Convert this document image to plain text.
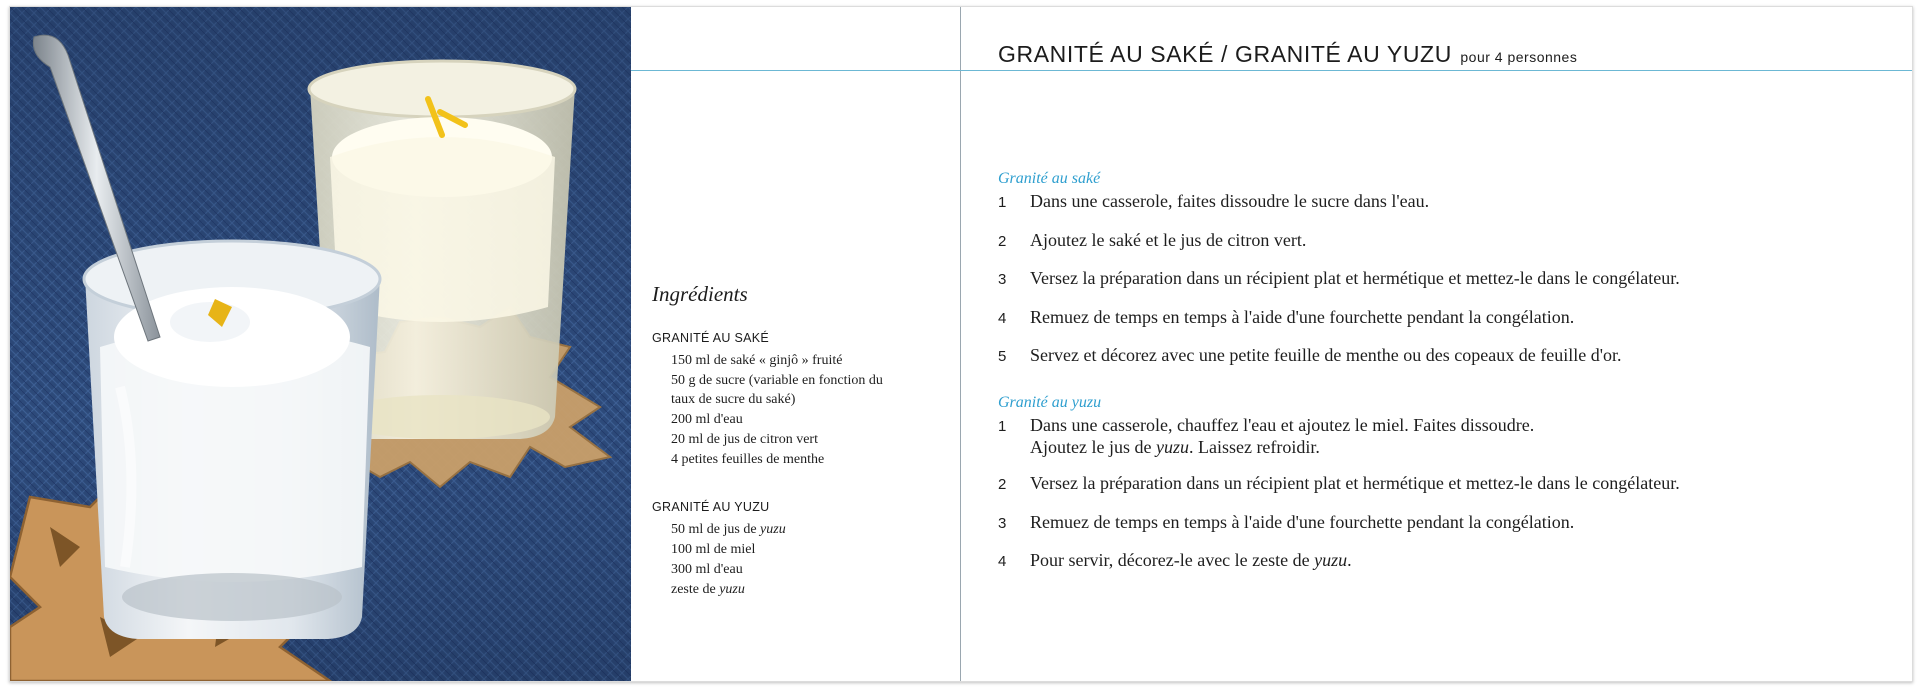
GRANITÉ AU SAKÉ / GRANITÉ AU YUZU pour 4 personnes
Ingrédients
GRANITÉ AU SAKÉ
150 ml de saké « ginjô » fruité
50 g de sucre (variable en fonction du taux de sucre du saké)
200 ml d'eau
20 ml de jus de citron vert
4 petites feuilles de menthe
GRANITÉ AU YUZU
50 ml de jus de yuzu
100 ml de miel
300 ml d'eau
zeste de yuzu
Granité au saké
1	Dans une casserole, faites dissoudre le sucre dans l'eau.
2	Ajoutez le saké et le jus de citron vert.
3	Versez la préparation dans un récipient plat et hermétique et mettez-le dans le congélateur.
4	Remuez de temps en temps à l'aide d'une fourchette pendant la congélation.
5	Servez et décorez avec une petite feuille de menthe ou des copeaux de feuille d'or.
Granité au yuzu
1	Dans une casserole, chauffez l'eau et ajoutez le miel. Faites dissoudre.
Ajoutez le jus de yuzu. Laissez refroidir.
2	Versez la préparation dans un récipient plat et hermétique et mettez-le dans le congélateur.
3	Remuez de temps en temps à l'aide d'une fourchette pendant la congélation.
4	Pour servir, décorez-le avec le zeste de yuzu.
